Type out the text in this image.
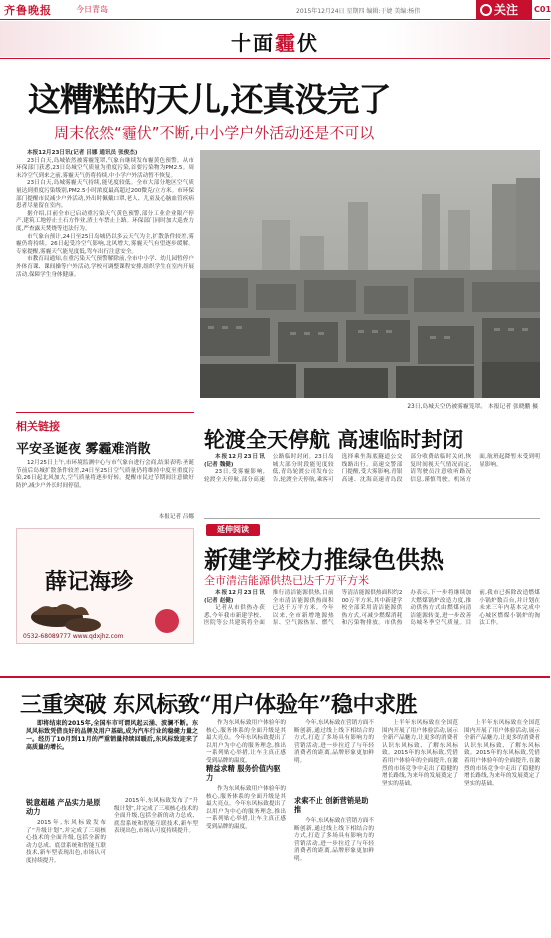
齐鲁晚报	今日青岛	2015年12月24日 星期四 编辑:于婕 美编:杨伟	关注	C01
十面霾伏
这糟糕的天儿,还真没完了
周末依然“霾伏”不断,中小学户外活动还是不可以

本报12月23日讯(记者 吕娜 通讯员 张俊杰)

23日白天,岛城依然被雾霾笼罩,气象台继续发布霾黄色预警。从市环保部门获悉,23日岛城空气质量为重度污染,首要污染物为PM2.5。周末冷空气到来之前,雾霾天气仍将持续,中小学户外活动暂不恢复。

23日白天,岛城雾霾天气持续,能见度较低。全市大部分地区空气质量达到重度污染级别,PM2.5小时浓度最高超过200微克/立方米。市环保部门提醒市民减少户外活动,外出时佩戴口罩,老人、儿童及心脑血管疾病患者尽量留在室内。

据介绍,目前全市已启动重污染天气黄色预警,部分工业企业限产停产,建筑工地停止土石方作业,渣土车禁止上路。环保部门同时加大巡查力度,严查露天焚烧等违法行为。

市气象台预计,24日至25日岛城仍以多云天气为主,扩散条件较差,雾霾仍将持续。26日起受冷空气影响,北风增大,雾霾天气有望逐步缓解。专家提醒,雾霾天气能见度低,驾车出行注意安全。

市教育局通知,在重污染天气预警解除前,全市中小学、幼儿园暂停户外体育课、课间操等户外活动,学校可调整课程安排,组织学生在室内开展活动,保障学生身体健康。

23日,岛城天空仍被雾霾笼罩。 本报记者 张晓鹏 摄
相关链接
平安圣诞夜 雾霾难消散

12月25日上午,市环境监测中心与市气象台进行会商,结果表明:圣诞节前后岛城扩散条件较差,24日至25日空气质量仍将维持中度至重度污染,26日起北风加大,空气质量将逐步好转。提醒市民过节期间注意做好防护,减少户外长时间停留。

本报记者 吕娜
薛记海珍
0532-68089777 www.qdxjhz.com
轮渡全天停航 高速临时封闭

本报12月23日讯(记者 魏健)

23日,受雾霾影响,轮渡全天停航,部分高速公路临时封闭。23日岛城大部分时段能见度较低,青岛轮渡公司发布公告,轮渡全天停航,乘客可选择乘坐海底隧道公交线路出行。高速交警部门提醒,受大雾影响,青银高速、沈海高速青岛段部分收费站临时关闭,恢复时间视天气情况而定,请驾驶员注意收听路况信息,谨慎驾驶。机场方面,航班起降暂未受到明显影响。

延伸阅读
新建学校力推绿色供热
全市清洁能源供热已达千万平方米

本报12月23日讯(记者 赵健)

记者从市供热办获悉,今年我市新建学校、医院等公共建筑将全面推行清洁能源供热,目前全市清洁能源供热面积已达千万平方米。今年以来,全市新增地源热泵、空气源热泵、燃气等清洁能源供热面积约200万平方米,其中新建学校全部采用清洁能源供热方式,可减少燃煤消耗和污染物排放。市供热办表示,下一步将继续加大燃煤锅炉改造力度,推动供热方式由燃煤向清洁能源转变,进一步改善岛城冬季空气质量。目前,我市已拆除改造燃煤小锅炉数百台,并计划在未来三年内基本完成中心城区燃煤小锅炉的淘汰工作。

三重突破 东风标致“用户体验年”稳中求胜

即将结束的2015年,全国车市可谓风起云涌、波澜不断。东风风标致凭借良好的品牌及用户基础,成为汽车行业的稳健力量之一。经历了10月到11月的严重销量持续回暖后,东风标致迎来了高质量的增长。

锐意超越 产品实力是原动力

2015年,东风标致发布了“升级计划”,并完成了三项核心技术的全面升级,包括全新的动力总成、底盘系统和智能互联技术,新车型表现出色,市场认可度持续提升。

2015年,东风标致发布了“升级计划”,并完成了三项核心技术的全面升级,包括全新的动力总成、底盘系统和智能互联技术,新车型表现出色,市场认可度持续提升。

作为东风标致用户体验年的核心,服务体系的全面升级是其最大亮点。今年东风标致提出了以用户为中心的服务理念,推出一系列贴心举措,让车主真正感受到品牌的温度。

精益求精 服务价值内驱力

作为东风标致用户体验年的核心,服务体系的全面升级是其最大亮点。今年东风标致提出了以用户为中心的服务理念,推出一系列贴心举措,让车主真正感受到品牌的温度。

今年,东风标致在营销方面不断创新,通过线上线下相结合的方式,打造了多场具有影响力的营销活动,进一步拉近了与年轻消费者的距离,品牌形象更加鲜明。

求索不止 创新营销是助推

今年,东风标致在营销方面不断创新,通过线上线下相结合的方式,打造了多场具有影响力的营销活动,进一步拉近了与年轻消费者的距离,品牌形象更加鲜明。

上半年东风标致在全国范围内开展了用户体验活动,展示全新产品魅力,让更多的消费者认识东风标致、了解东风标致。2015年的东风标致,凭借着用户体验年的全面提升,在激烈的市场竞争中走出了稳健的增长路线,为来年的发展奠定了坚实的基础。

上半年东风标致在全国范围内开展了用户体验活动,展示全新产品魅力,让更多的消费者认识东风标致、了解东风标致。2015年的东风标致,凭借着用户体验年的全面提升,在激烈的市场竞争中走出了稳健的增长路线,为来年的发展奠定了坚实的基础。
